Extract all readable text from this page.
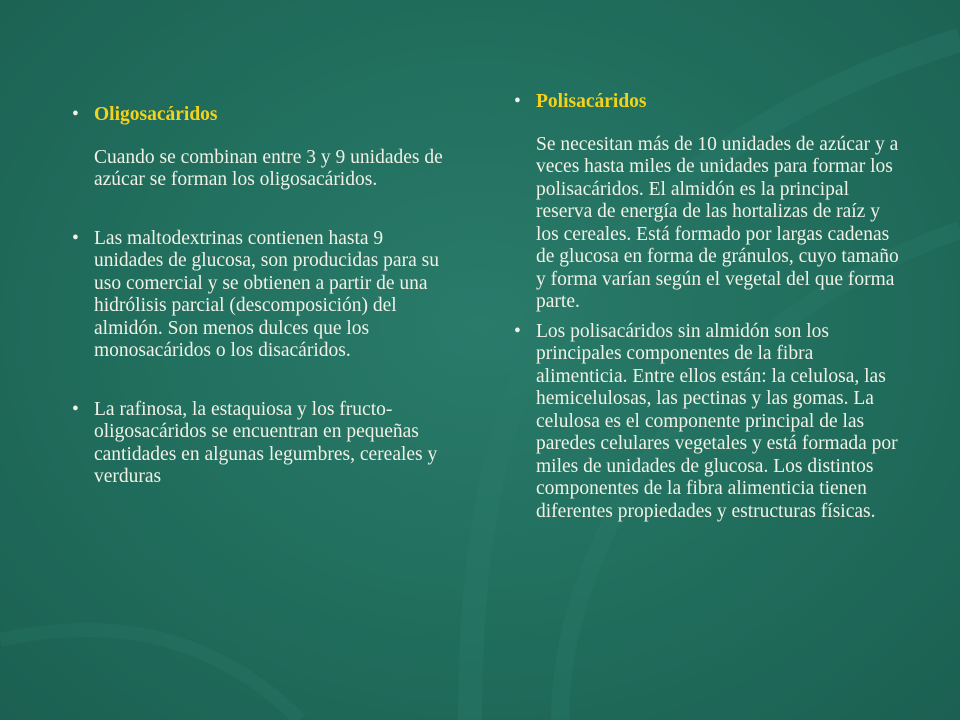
• Oligosacáridos
Cuando se combinan entre 3 y 9 unidades de azúcar se forman los oligosacáridos.
• Las maltodextrinas contienen hasta 9 unidades de glucosa, son producidas para su uso comercial y se obtienen a partir de una hidrólisis parcial (descomposición) del almidón. Son menos dulces que los monosacáridos o los disacáridos.
• La rafinosa, la estaquiosa y los fructo-oligosacáridos se encuentran en pequeñas cantidades en algunas legumbres, cereales y verduras
• Polisacáridos
Se necesitan más de 10 unidades de azúcar y a veces hasta miles de unidades para formar los polisacáridos. El almidón es la principal reserva de energía de las hortalizas de raíz y los cereales. Está formado por largas cadenas de glucosa en forma de gránulos, cuyo tamaño y forma varían según el vegetal del que forma parte.
• Los polisacáridos sin almidón son los principales componentes de la fibra alimenticia. Entre ellos están: la celulosa, las hemicelulosas, las pectinas y las gomas. La celulosa es el componente principal de las paredes celulares vegetales y está formada por miles de unidades de glucosa. Los distintos componentes de la fibra alimenticia tienen diferentes propiedades y estructuras físicas.
